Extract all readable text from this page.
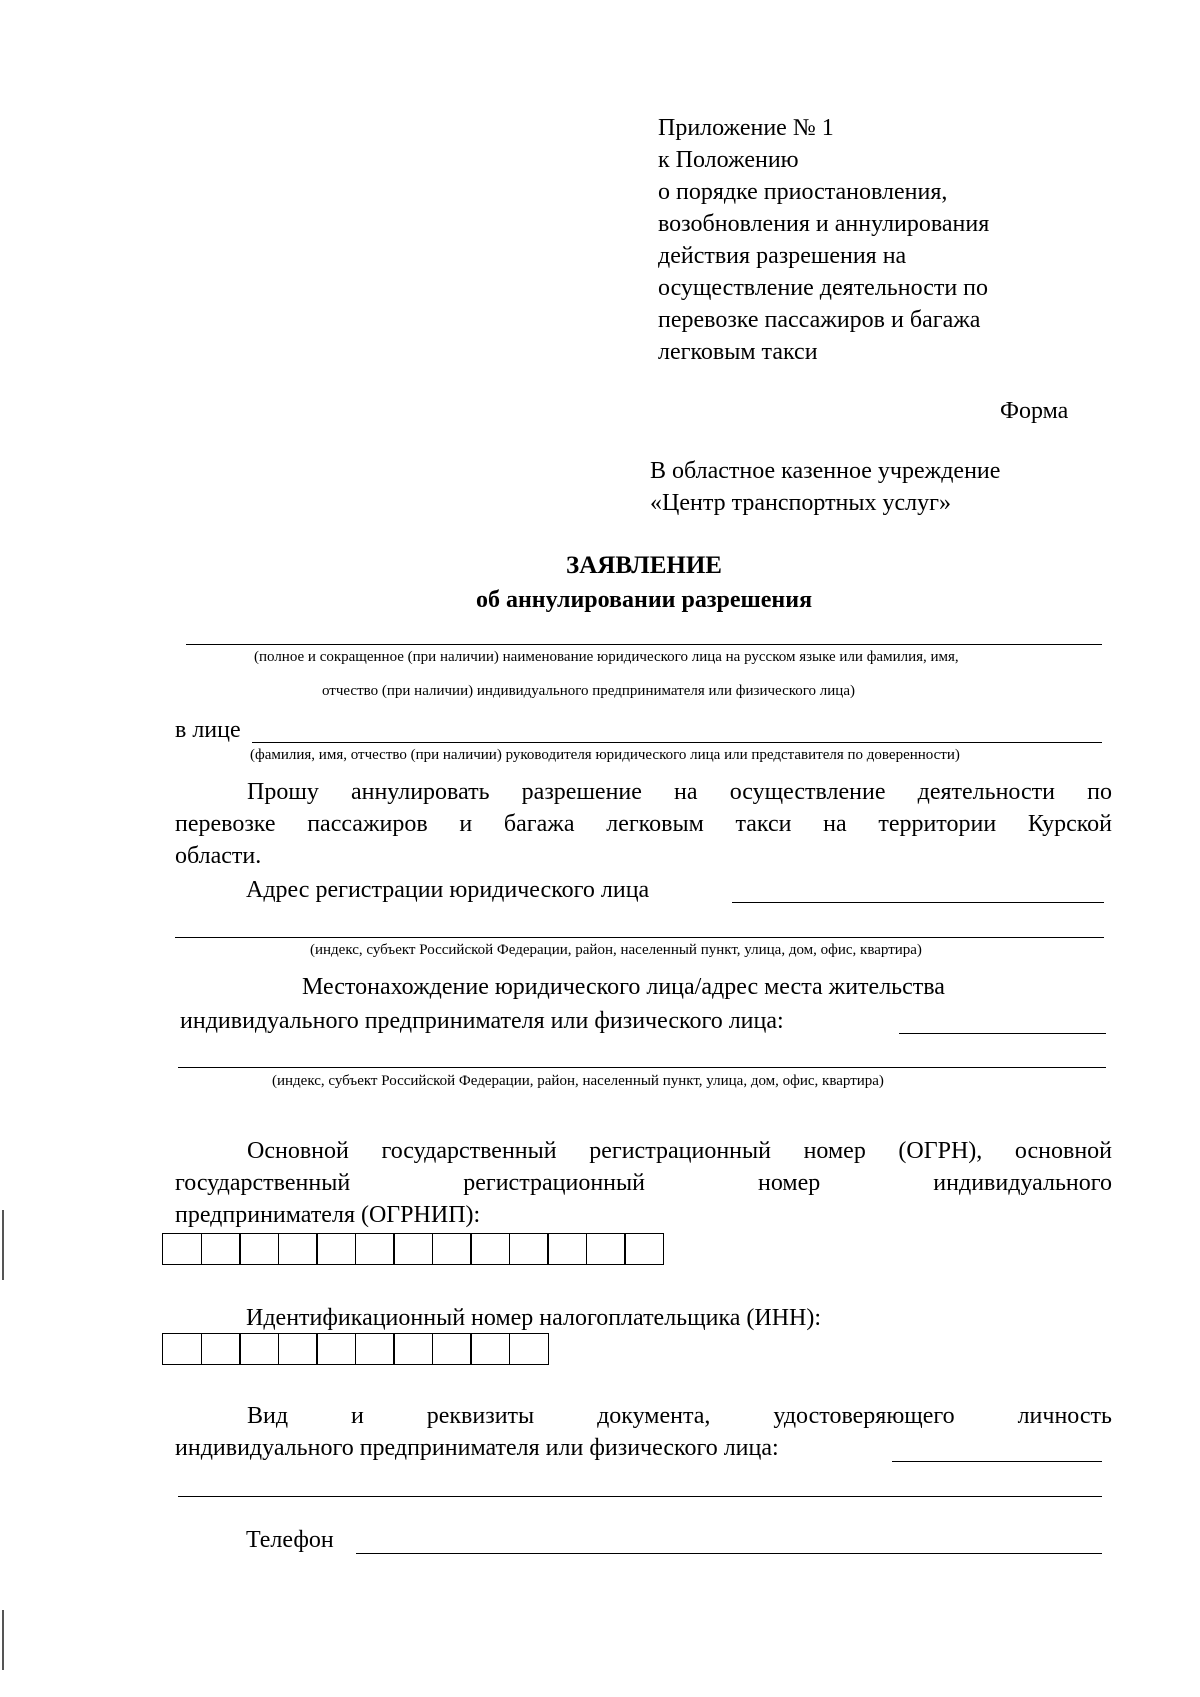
Приложение № 1
к Положению
о порядке приостановления,
возобновления и аннулирования
действия разрешения на
осуществление деятельности по
перевозке пассажиров и багажа
легковым такси
Форма
В областное казенное учреждение
«Центр транспортных услуг»
ЗАЯВЛЕНИЕ
об аннулировании разрешения
(полное и сокращенное (при наличии) наименование юридического лица на русском языке или фамилия, имя,
отчество (при наличии) индивидуального предпринимателя или физического лица)
в лице
(фамилия, имя, отчество (при наличии) руководителя юридического лица или представителя по доверенности)
Прошу аннулировать разрешение на осуществление деятельности по
перевозке пассажиров и багажа легковым такси на территории Курской
области.
Адрес регистрации юридического лица
(индекс, субъект Российской Федерации, район, населенный пункт, улица, дом, офис, квартира)
Местонахождение юридического лица/адрес места жительства
индивидуального предпринимателя или физического лица:
(индекс, субъект Российской Федерации, район, населенный пункт, улица, дом, офис, квартира)
Основной государственный регистрационный номер (ОГРН), основной
государственный регистрационный номер индивидуального
предпринимателя (ОГРНИП):
Идентификационный номер налогоплательщика (ИНН):
Вид и реквизиты документа, удостоверяющего личность
индивидуального предпринимателя или физического лица:
Телефон
